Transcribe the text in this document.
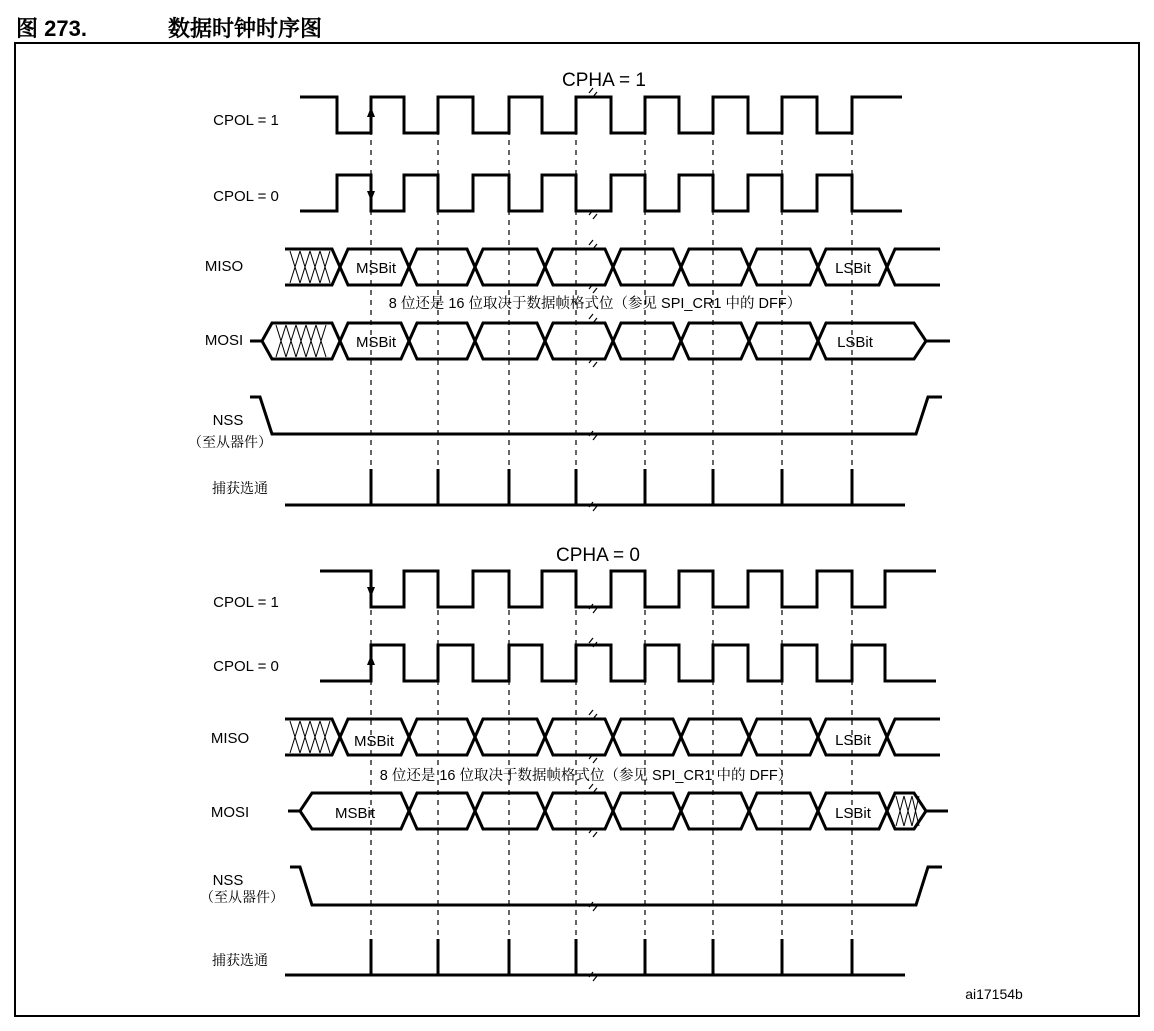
图 273.	数据时钟时序图
CPHA = 1
CPOL = 1
CPOL = 0
MISO
MOSI
NSS
（至从器件）
捕获选通
MSBit	LSBit
8 位还是 16 位取决于数据帧格式位（参见 SPI_CR1 中的 DFF）
MSBit	LSBit
CPHA = 0
CPOL = 1
CPOL = 0
MISO
MOSI
NSS
（至从器件）
捕获选通
MSBit	LSBit
8 位还是 16 位取决于数据帧格式位（参见 SPI_CR1 中的 DFF）
MSBit	LSBit
ai17154b
